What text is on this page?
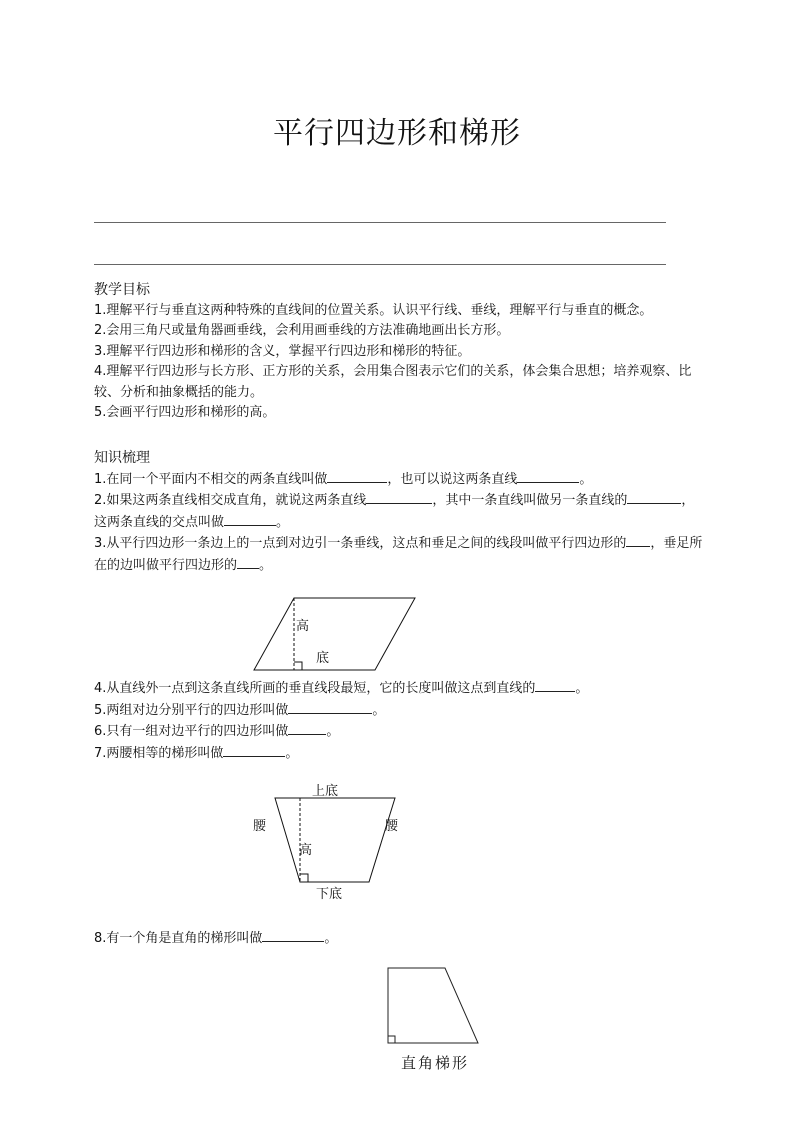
平行四边形和梯形
教学目标
1.理解平行与垂直这两种特殊的直线间的位置关系。认识平行线、垂线，理解平行与垂直的概念。
2.会用三角尺或量角器画垂线，会利用画垂线的方法准确地画出长方形。
3.理解平行四边形和梯形的含义，掌握平行四边形和梯形的特征。
4.理解平行四边形与长方形、正方形的关系，会用集合图表示它们的关系，体会集合思想；培养观察、比较、分析和抽象概括的能力。
5.会画平行四边形和梯形的高。
知识梳理
1.在同一个平面内不相交的两条直线叫做	，也可以说这两条直线	。
2.如果这两条直线相交成直角，就说这两条直线	，其中一条直线叫做另一条直线的	，这两条直线的交点叫做	。
3.从平行四边形一条边上的一点到对边引一条垂线，这点和垂足之间的线段叫做平行四边形的 ，垂足所在的边叫做平行四边形的 。
高
底
4.从直线外一点到这条直线所画的垂直线段最短，它的长度叫做这点到直线的	。
5.两组对边分别平行的四边形叫做	。
6.只有一组对边平行的四边形叫做	。
7.两腰相等的梯形叫做	。
上底
腰	腰
高
下底
8.有一个角是直角的梯形叫做	。
直角梯形
